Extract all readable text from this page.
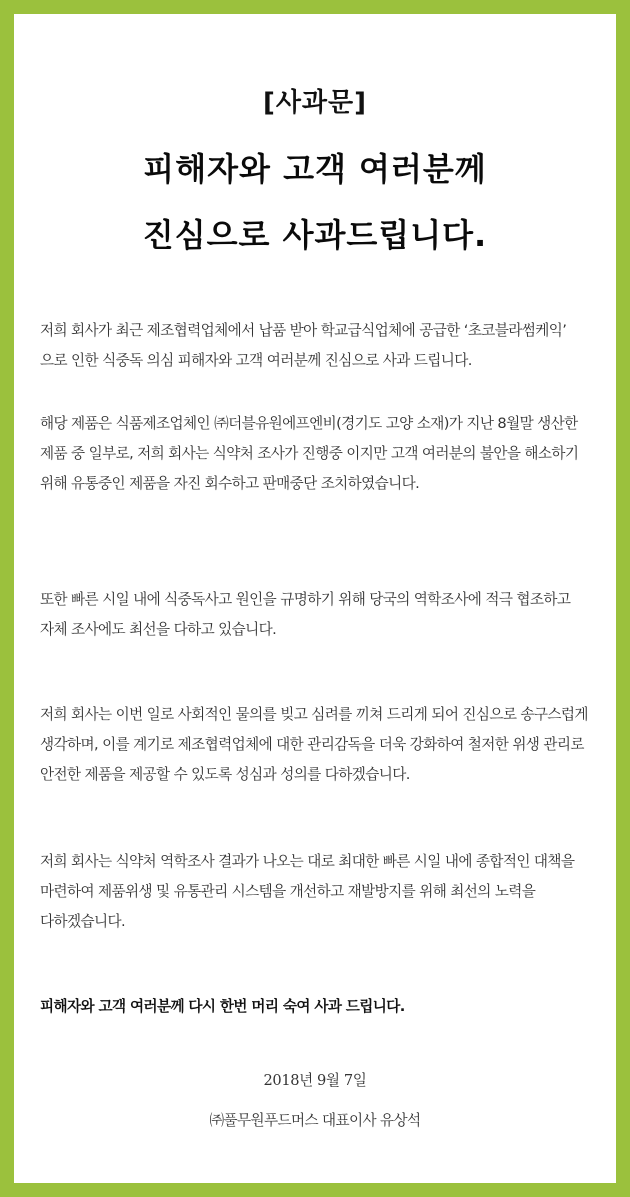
[사과문]
피해자와 고객 여러분께
진심으로 사과드립니다.
저희 회사가 최근 제조협력업체에서 납품 받아 학교급식업체에 공급한 ‘초코블라썸케익’
으로 인한 식중독 의심 피해자와 고객 여러분께 진심으로 사과 드립니다.
해당 제품은 식품제조업체인 ㈜더블유원에프엔비(경기도 고양 소재)가 지난 8월말 생산한
제품 중 일부로, 저희 회사는 식약처 조사가 진행중 이지만 고객 여러분의 불안을 해소하기
위해 유통중인 제품을 자진 회수하고 판매중단 조치하였습니다.
또한 빠른 시일 내에 식중독사고 원인을 규명하기 위해 당국의 역학조사에 적극 협조하고
자체 조사에도 최선을 다하고 있습니다.
저희 회사는 이번 일로 사회적인 물의를 빚고 심려를 끼쳐 드리게 되어 진심으로 송구스럽게
생각하며, 이를 계기로 제조협력업체에 대한 관리감독을 더욱 강화하여 철저한 위생 관리로
안전한 제품을 제공할 수 있도록 성심과 성의를 다하겠습니다.
저희 회사는 식약처 역학조사 결과가 나오는 대로 최대한 빠른 시일 내에 종합적인 대책을
마련하여 제품위생 및 유통관리 시스템을 개선하고 재발방지를 위해 최선의 노력을
다하겠습니다.
피해자와 고객 여러분께 다시 한번 머리 숙여 사과 드립니다.
2018년 9월 7일
㈜풀무원푸드머스 대표이사 유상석
